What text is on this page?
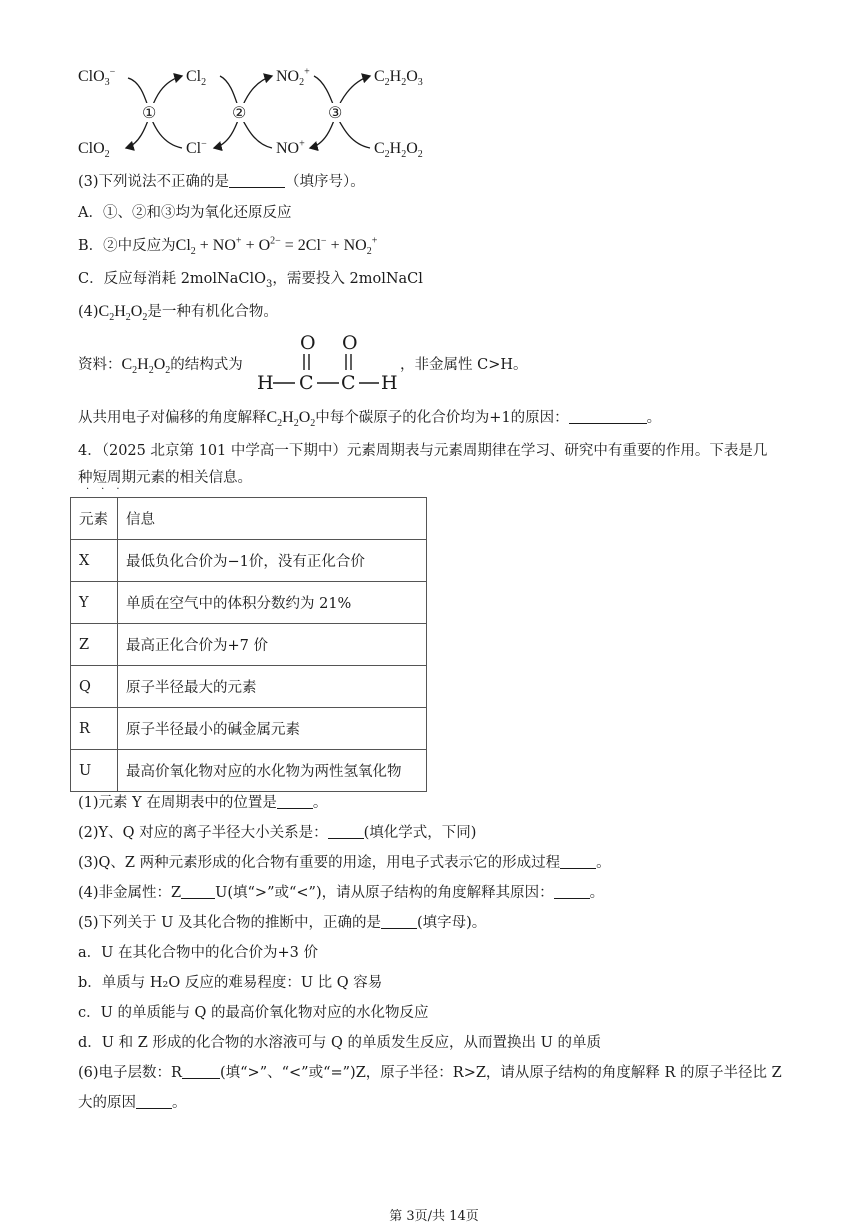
ClO$_3$−	$Cl_2$	$NO_2^+$	$C_2H_2O_3$
ClO$_2$	Cl−	NO+	$C_2H_2O_2$
①	②	③
(3)下列说法不正确的是	（填序号）。
A．①、②和③均为氧化还原反应
B．②中反应为$Cl_2 + NO^+ + O^{2-} = 2Cl^- + NO_2^+$
C．反应每消耗 2molNaClO$_3$，需要投入 2molNaCl
$(4)C_2H_2O_2$是一种有机化合物。
资料：$C_2H_2O_2$的结构式为
O O
H C C H
，非金属性 C>H。
从共用电子对偏移的角度解释$C_2H_2O_2$中每个碳原子的化合价均为+1的原因：	。
4．（2025 北京第 101 中学高一下期中）元素周期表与元素周期律在学习、研究中有重要的作用。下表是几
种短周期元素的相关信息。
···
元素	信息
X	最低负化合价为−1价，没有正化合价
Y	单质在空气中的体积分数约为 21%
Z	最高正化合价为+7 价
Q	原子半径最大的元素
R	原子半径最小的碱金属元素
U	最高价氧化物对应的水化物为两性氢氧化物
(1)元素 Y 在周期表中的位置是 。
(2)Y、Q 对应的离子半径大小关系是： (填化学式，下同)
(3)Q、Z 两种元素形成的化合物有重要的用途，用电子式表示它的形成过程 。
(4)非金属性：Z U(填“>”或“<”)，请从原子结构的角度解释其原因： 。
(5)下列关于 U 及其化合物的推断中，正确的是 (填字母)。
a．U 在其化合物中的化合价为+3 价
b．单质与 H₂O 反应的难易程度：U 比 Q 容易
c．U 的单质能与 Q 的最高价氧化物对应的水化物反应
d．U 和 Z 形成的化合物的水溶液可与 Q 的单质发生反应，从而置换出 U 的单质
(6)电子层数：R	(填“>”、“<”或“=”)Z，原子半径：R>Z，请从原子结构的角度解释 R 的原子半径比 Z
大的原因 。
第 3页/共 14页
